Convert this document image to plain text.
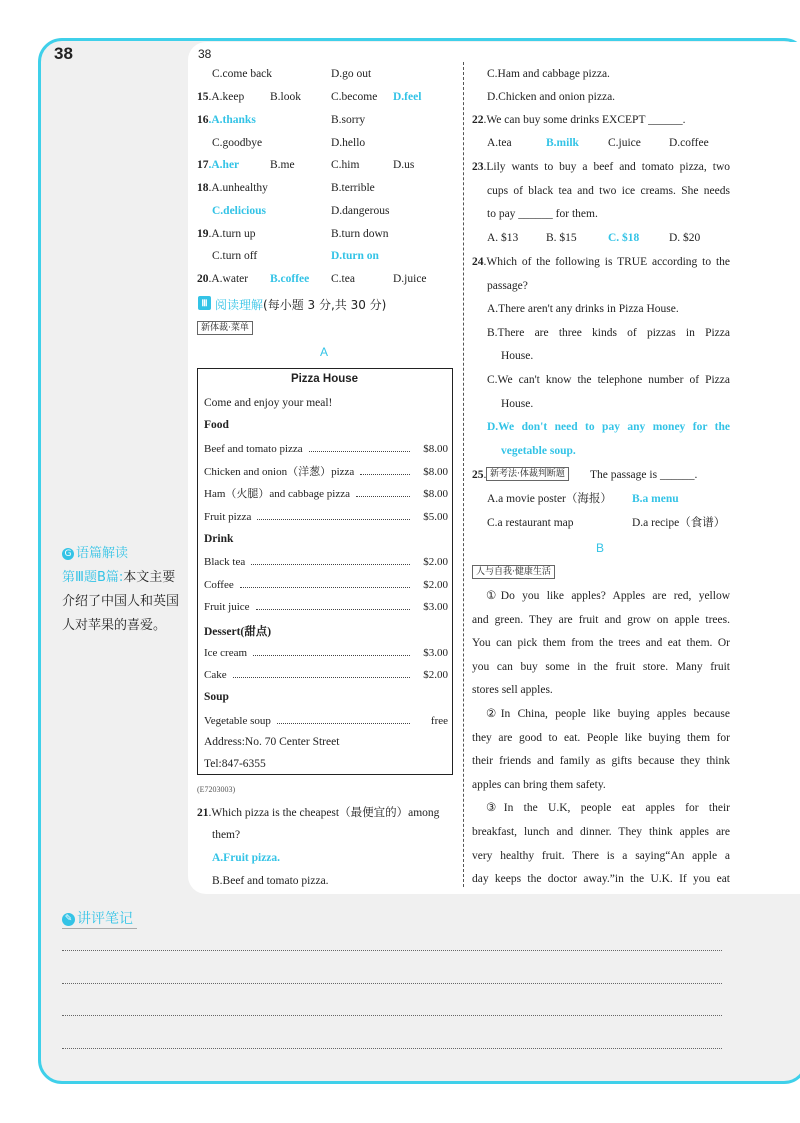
38	38
C.come back	D.go out
15.A.keep B.look	C.become D.feel
16.A.thanks	B.sorry
C.goodbye	D.hello
17.A.her	B.me	C.him	D.us
18.A.unhealthy	B.terrible
C.delicious	D.dangerous
19.A.turn up	B.turn down
C.turn off	D.turn on
20.A.water B.coffee C.tea	D.juice
Ⅲ 阅读理解(每小题 3 分,共 30 分)
新体裁·菜单
A
Pizza House
Come and enjoy your meal!
Food
Beef and tomato pizza	$8.00
Chicken and onion（洋葱）pizza	$8.00
Ham（火腿）and cabbage pizza	$8.00
Fruit pizza	$5.00
Drink
Black tea	$2.00
Coffee	$2.00
Fruit juice	$3.00
Dessert(甜点)
Ice cream	$3.00
Cake	$2.00
Soup
Vegetable soup	free
Address:No. 70 Center Street
Tel:847-6355
(E7203003)
21.Which pizza is the cheapest（最便宜的）among
them?
A.Fruit pizza.
B.Beef and tomato pizza.
C.Ham and cabbage pizza.
D.Chicken and onion pizza.
22.We can buy some drinks EXCEPT ______.
A.tea	B.milk	C.juice D.coffee
23.Lily wants to buy a beef and tomato pizza, two
cups of black tea and two ice creams. She needs
to pay ______ for them.
A. $13 B. $15	C. $18	D. $20
24.Which of the following is TRUE according to the
passage?
A.There aren't any drinks in Pizza House.
B.There are three kinds of pizzas in Pizza
House.
C.We can't know the telephone number of Pizza
House.
D.We don't need to pay any money for the
vegetable soup.
25. 新考法·体裁判断题	The passage is ______.
A.a movie poster（海报） B.a menu
C.a restaurant map	D.a recipe（食谱）
B
人与自我·健康生活
①Do you like apples? Apples are red, yellow
and green. They are fruit and grow on apple trees.
You can pick them from the trees and eat them. Or
you can buy some in the fruit store. Many fruit
stores sell apples.
②In China, people like buying apples because
they are good to eat. People like buying them for
their friends and family as gifts because they think
apples can bring them safety.
③In the U.K, people eat apples for their
breakfast, lunch and dinner. They think apples are
very healthy fruit. There is a saying“An apple a
day keeps the doctor away.”in the U.K. If you eat
G 语篇解读
第Ⅲ题B篇:本文主要介绍了中国人和英国人对苹果的喜爱。
✎ 讲评笔记
